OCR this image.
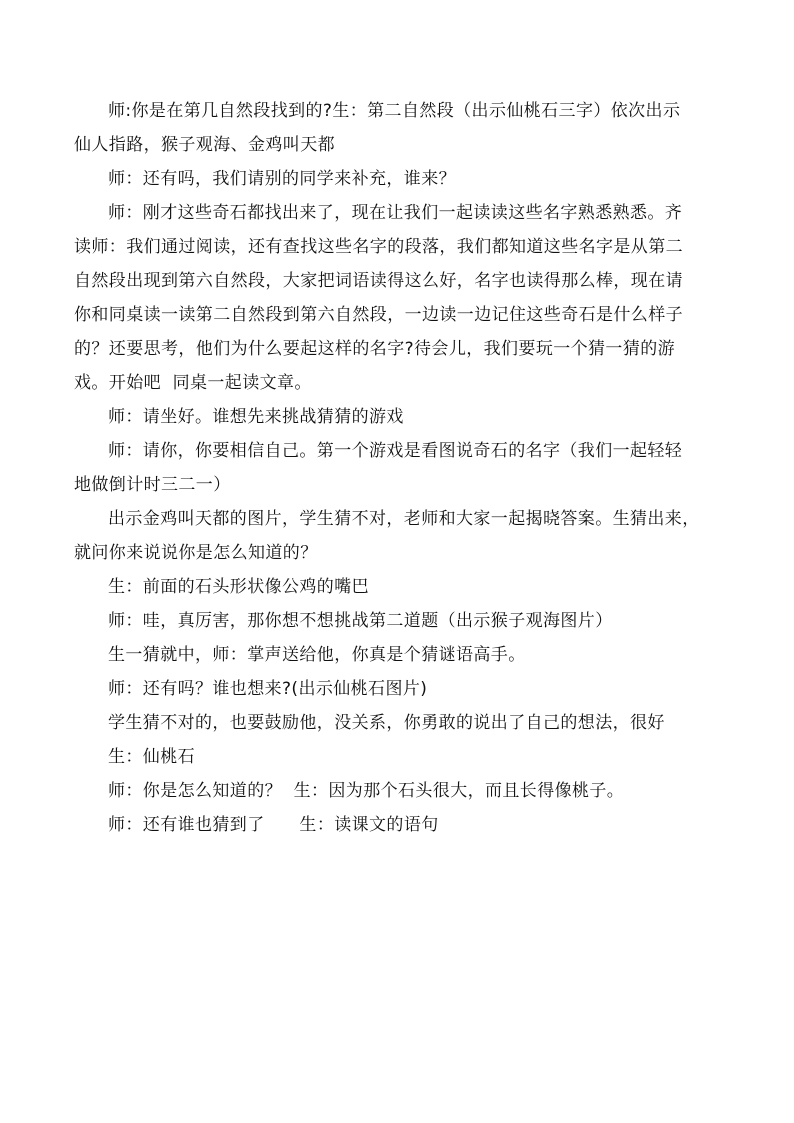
师:你是在第几自然段找到的?生：第二自然段（出示仙桃石三字）依次出示

仙人指路，猴子观海、金鸡叫天都

师：还有吗，我们请别的同学来补充，谁来？

师：刚才这些奇石都找出来了，现在让我们一起读读这些名字熟悉熟悉。齐

读师：我们通过阅读，还有查找这些名字的段落，我们都知道这些名字是从第二

自然段出现到第六自然段，大家把词语读得这么好，名字也读得那么棒，现在请

你和同桌读一读第二自然段到第六自然段，一边读一边记住这些奇石是什么样子

的？还要思考，他们为什么要起这样的名字?待会儿，我们要玩一个猜一猜的游

戏。开始吧  同桌一起读文章。

师：请坐好。谁想先来挑战猜猜的游戏

师：请你，你要相信自己。第一个游戏是看图说奇石的名字（我们一起轻轻

地做倒计时三二一）

出示金鸡叫天都的图片，学生猜不对，老师和大家一起揭晓答案。生猜出来，

就问你来说说你是怎么知道的？

生：前面的石头形状像公鸡的嘴巴

师：哇，真厉害，那你想不想挑战第二道题（出示猴子观海图片）

生一猜就中，师：掌声送给他，你真是个猜谜语高手。

师：还有吗？谁也想来?(出示仙桃石图片)

学生猜不对的，也要鼓励他，没关系，你勇敢的说出了自己的想法，很好

生：仙桃石

师：你是怎么知道的？  生：因为那个石头很大，而且长得像桃子。

师：还有谁也猜到了      生：读课文的语句
